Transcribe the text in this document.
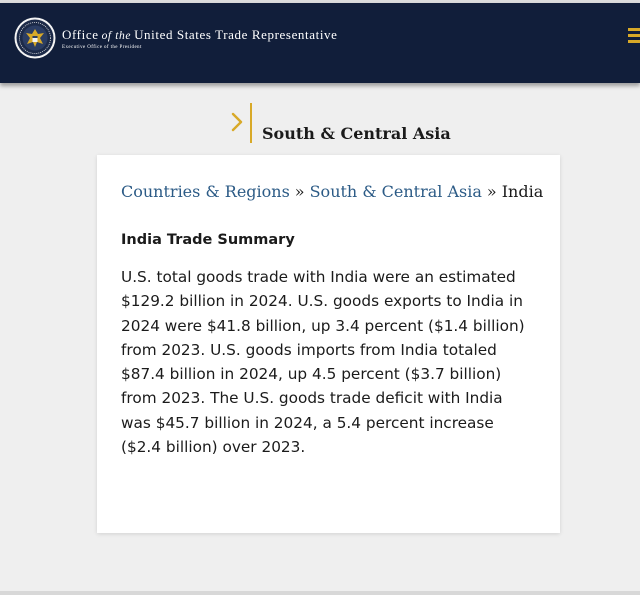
Office of the United States Trade Representative
Executive Office of the President
South & Central Asia
Countries & Regions » South & Central Asia » India
India Trade Summary

U.S. total goods trade with India were an estimated $129.2 billion in 2024. U.S. goods exports to India in 2024 were $41.8 billion, up 3.4 percent ($1.4 billion) from 2023. U.S. goods imports from India totaled $87.4 billion in 2024, up 4.5 percent ($3.7 billion) from 2023. The U.S. goods trade deficit with India was $45.7 billion in 2024, a 5.4 percent increase ($2.4 billion) over 2023.
